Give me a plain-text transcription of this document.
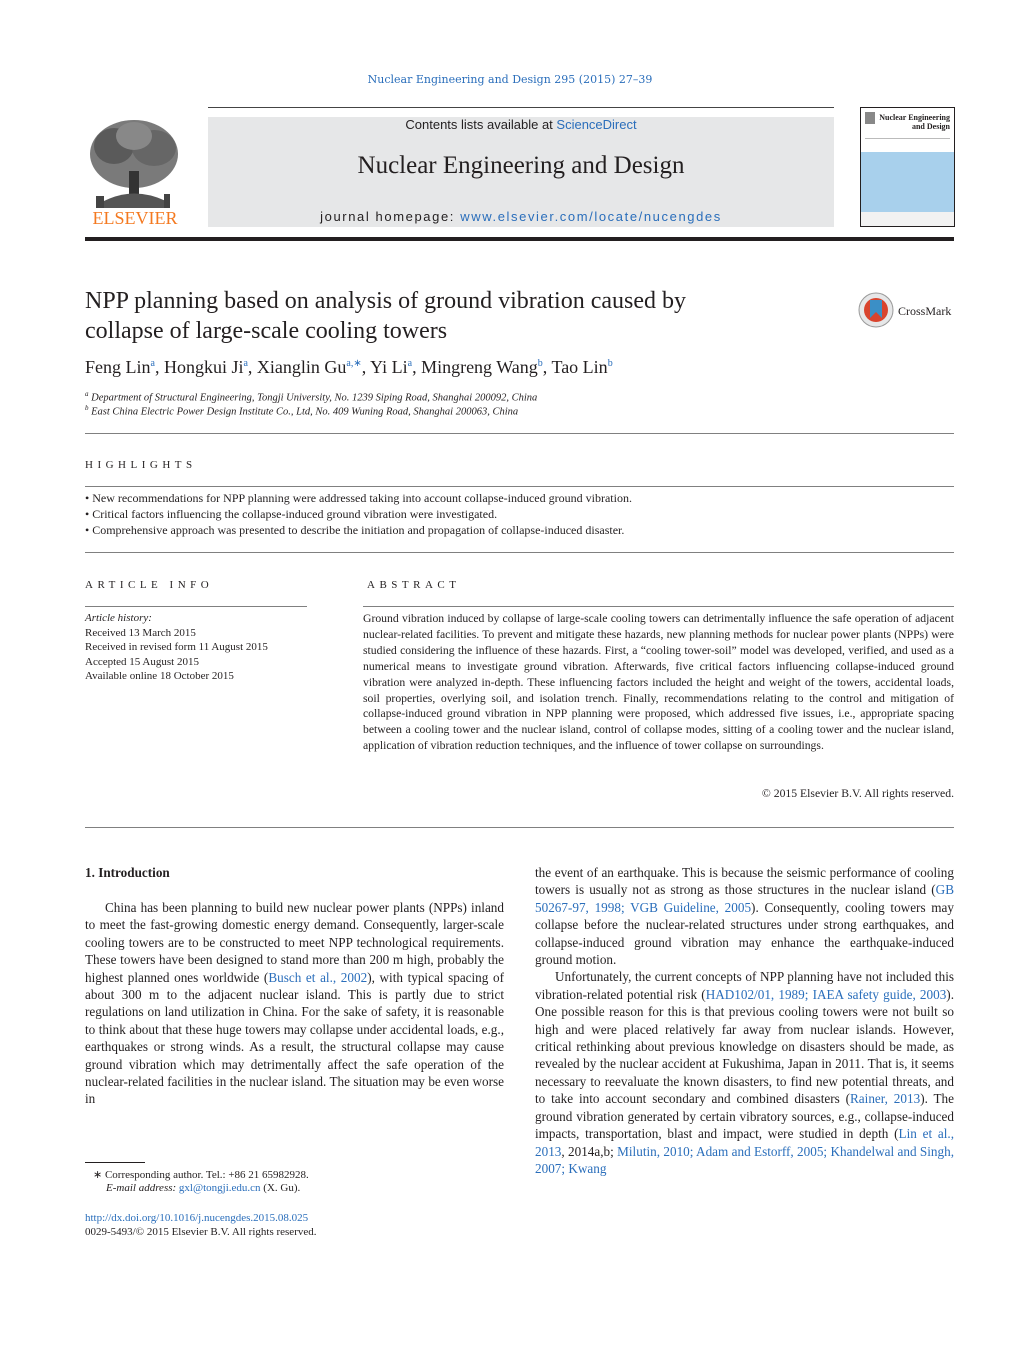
Nuclear Engineering and Design 295 (2015) 27–39
ELSEVIER
Contents lists available at ScienceDirect
Nuclear Engineering and Design
journal homepage: www.elsevier.com/locate/nucengdes
Nuclear Engineering
and Design
NPP planning based on analysis of ground vibration caused by
collapse of large-scale cooling towers
CrossMark
Feng Lin$^a$, Hongkui Ji$^a$, Xianglin $Gu^{a,∗}$, Yi Li$^a$, Mingreng Wang$^b$, Tao Lin$^b$
$^a$ Department of Structural Engineering, Tongji University, No. 1239 Siping Road, Shanghai 200092, China
$^b$ East China Electric Power Design Institute Co., Ltd, No. 409 Wuning Road, Shanghai 200063, China
HIGHLIGHTS
• New recommendations for NPP planning were addressed taking into account collapse-induced ground vibration.
• Critical factors influencing the collapse-induced ground vibration were investigated.
• Comprehensive approach was presented to describe the initiation and propagation of collapse-induced disaster.
ARTICLE INFO
Article history:
Received 13 March 2015
Received in revised form 11 August 2015
Accepted 15 August 2015
Available online 18 October 2015
ABSTRACT
Ground vibration induced by collapse of large-scale cooling towers can detrimentally influence the safe operation of adjacent nuclear-related facilities. To prevent and mitigate these hazards, new planning methods for nuclear power plants (NPPs) were studied considering the influence of these hazards. First, a “cooling tower-soil” model was developed, verified, and used as a numerical means to investigate ground vibration. Afterwards, five critical factors influencing collapse-induced ground vibration were analyzed in-depth. These influencing factors included the height and weight of the towers, accidental loads, soil properties, overlying soil, and isolation trench. Finally, recommendations relating to the control and mitigation of collapse-induced ground vibration in NPP planning were proposed, which addressed five issues, i.e., appropriate spacing between a cooling tower and the nuclear island, control of collapse modes, sitting of a cooling tower and the nuclear island, application of vibration reduction techniques, and the influence of tower collapse on surroundings.
© 2015 Elsevier B.V. All rights reserved.
1. Introduction

China has been planning to build new nuclear power plants (NPPs) inland to meet the fast-growing domestic energy demand. Consequently, larger-scale cooling towers are to be constructed to meet NPP technological requirements. These towers have been designed to stand more than 200 m high, probably the highest planned ones worldwide (Busch et al., 2002), with typical spacing of about 300 m to the adjacent nuclear island. This is partly due to strict regulations on land utilization in China. For the sake of safety, it is reasonable to think about that these huge towers may collapse under accidental loads, e.g., earthquakes or strong winds. As a result, the structural collapse may cause ground vibration which may detrimentally affect the safe operation of the nuclear-related facilities in the nuclear island. The situation may be even worse in

the event of an earthquake. This is because the seismic performance of cooling towers is usually not as strong as those structures in the nuclear island (GB 50267-97, 1998; VGB Guideline, 2005). Consequently, cooling towers may collapse before the nuclear-related structures under strong earthquakes, and collapse-induced ground vibration may enhance the earthquake-induced ground motion.

Unfortunately, the current concepts of NPP planning have not included this vibration-related potential risk (HAD102/01, 1989; IAEA safety guide, 2003). One possible reason for this is that previous cooling towers were not built so high and were placed relatively far away from nuclear islands. However, critical rethinking about previous knowledge on disasters should be made, as revealed by the nuclear accident at Fukushima, Japan in 2011. That is, it seems necessary to reevaluate the known disasters, to find new potential threats, and to take into account secondary and combined disasters (Rainer, 2013). The ground vibration generated by certain vibratory sources, e.g., collapse-induced impacts, transportation, blast and impact, were studied in depth (Lin et al., 2013, 2014a,b; Milutin, 2010; Adam and Estorff, 2005; Khandelwal and Singh, 2007; Kwang

∗ Corresponding author. Tel.: +86 21 65982928.
E-mail address: gxl@tongji.edu.cn (X. Gu).
http://dx.doi.org/10.1016/j.nucengdes.2015.08.025
0029-5493/© 2015 Elsevier B.V. All rights reserved.
